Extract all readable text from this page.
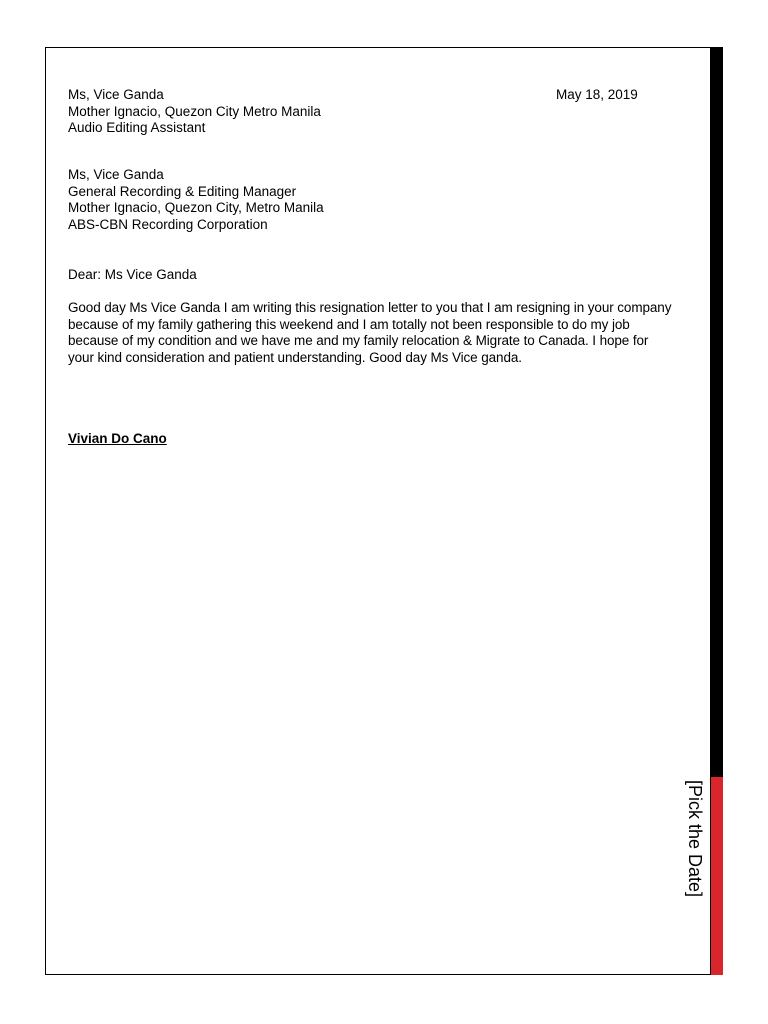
[Pick the Date]
Ms, Vice Ganda
Mother Ignacio, Quezon City Metro Manila
Audio Editing Assistant
May 18, 2019
Ms, Vice Ganda
General Recording & Editing Manager
Mother Ignacio, Quezon City, Metro Manila
ABS-CBN Recording Corporation
Dear: Ms Vice Ganda
Good day Ms Vice Ganda I am writing this resignation letter to you that I am resigning in your company because of my family gathering this weekend and I am totally not been responsible to do my job because of my condition and we have me and my family relocation & Migrate to Canada. I hope for your kind consideration and patient understanding. Good day Ms Vice ganda.
Vivian Do Cano
